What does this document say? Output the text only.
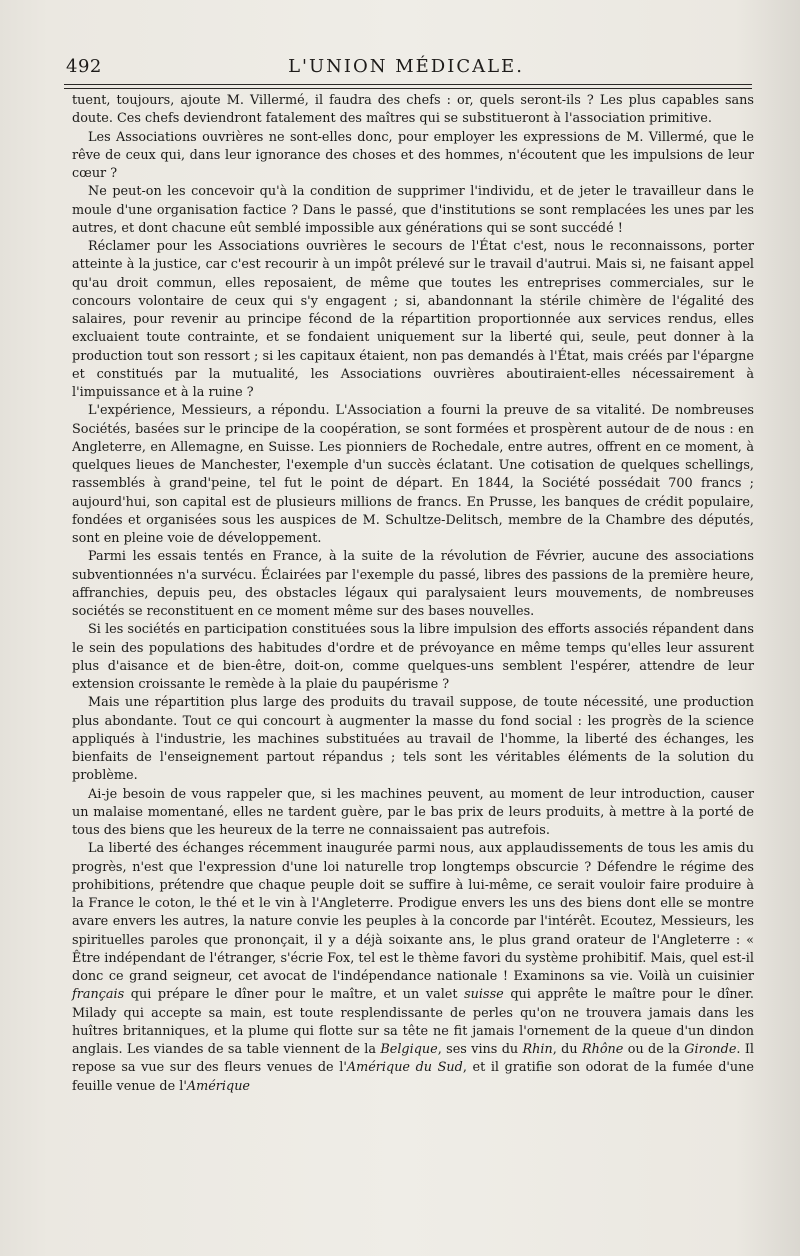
492	L'UNION MÉDICALE.

tuent, toujours, ajoute M. Villermé, il faudra des chefs : or, quels seront-ils ? Les plus capables sans doute. Ces chefs deviendront fatalement des maîtres qui se substitueront à l'association primitive.

Les Associations ouvrières ne sont-elles donc, pour employer les expressions de M. Villermé, que le rêve de ceux qui, dans leur ignorance des choses et des hommes, n'écoutent que les impulsions de leur cœur ?

Ne peut-on les concevoir qu'à la condition de supprimer l'individu, et de jeter le travailleur dans le moule d'une organisation factice ? Dans le passé, que d'institutions se sont remplacées les unes par les autres, et dont chacune eût semblé impossible aux générations qui se sont succédé !

Réclamer pour les Associations ouvrières le secours de l'État c'est, nous le reconnaissons, porter atteinte à la justice, car c'est recourir à un impôt prélevé sur le travail d'autrui. Mais si, ne faisant appel qu'au droit commun, elles reposaient, de même que toutes les entreprises commerciales, sur le concours volontaire de ceux qui s'y engagent ; si, abandonnant la stérile chimère de l'égalité des salaires, pour revenir au principe fécond de la répartition proportionnée aux services rendus, elles excluaient toute contrainte, et se fondaient uniquement sur la liberté qui, seule, peut donner à la production tout son ressort ; si les capitaux étaient, non pas demandés à l'État, mais créés par l'épargne et constitués par la mutualité, les Associations ouvrières aboutiraient-elles nécessairement à l'impuissance et à la ruine ?

L'expérience, Messieurs, a répondu. L'Association a fourni la preuve de sa vitalité. De nombreuses Sociétés, basées sur le principe de la coopération, se sont formées et prospèrent autour de de nous : en Angleterre, en Allemagne, en Suisse. Les pionniers de Rochedale, entre autres, offrent en ce moment, à quelques lieues de Manchester, l'exemple d'un succès éclatant. Une cotisation de quelques schellings, rassemblés à grand'peine, tel fut le point de départ. En 1844, la Société possédait 700 francs ; aujourd'hui, son capital est de plusieurs millions de francs. En Prusse, les banques de crédit populaire, fondées et organisées sous les auspices de M. Schultze-Delitsch, membre de la Chambre des députés, sont en pleine voie de développement.

Parmi les essais tentés en France, à la suite de la révolution de Février, aucune des associations subventionnées n'a survécu. Éclairées par l'exemple du passé, libres des passions de la première heure, affranchies, depuis peu, des obstacles légaux qui paralysaient leurs mouvements, de nombreuses sociétés se reconstituent en ce moment même sur des bases nouvelles.

Si les sociétés en participation constituées sous la libre impulsion des efforts associés répandent dans le sein des populations des habitudes d'ordre et de prévoyance en même temps qu'elles leur assurent plus d'aisance et de bien-être, doit-on, comme quelques-uns semblent l'espérer, attendre de leur extension croissante le remède à la plaie du paupérisme ?

Mais une répartition plus large des produits du travail suppose, de toute nécessité, une production plus abondante. Tout ce qui concourt à augmenter la masse du fond social : les progrès de la science appliqués à l'industrie, les machines substituées au travail de l'homme, la liberté des échanges, les bienfaits de l'enseignement partout répandus ; tels sont les véritables éléments de la solution du problème.

Ai-je besoin de vous rappeler que, si les machines peuvent, au moment de leur introduction, causer un malaise momentané, elles ne tardent guère, par le bas prix de leurs produits, à mettre à la porté de tous des biens que les heureux de la terre ne connaissaient pas autrefois.

La liberté des échanges récemment inaugurée parmi nous, aux applaudissements de tous les amis du progrès, n'est que l'expression d'une loi naturelle trop longtemps obscurcie ? Défendre le régime des prohibitions, prétendre que chaque peuple doit se suffire à lui-même, ce serait vouloir faire produire à la France le coton, le thé et le vin à l'Angleterre. Prodigue envers les uns des biens dont elle se montre avare envers les autres, la nature convie les peuples à la concorde par l'intérêt. Ecoutez, Messieurs, les spirituelles paroles que prononçait, il y a déjà soixante ans, le plus grand orateur de l'Angleterre : « Être indépendant de l'étranger, s'écrie Fox, tel est le thème favori du système prohibitif. Mais, quel est-il donc ce grand seigneur, cet avocat de l'indépendance nationale ! Examinons sa vie. Voilà un cuisinier français qui prépare le dîner pour le maître, et un valet suisse qui apprête le maître pour le dîner. Milady qui accepte sa main, est toute resplendissante de perles qu'on ne trouvera jamais dans les huîtres britanniques, et la plume qui flotte sur sa tête ne fit jamais l'ornement de la queue d'un dindon anglais. Les viandes de sa table viennent de la Belgique, ses vins du Rhin, du Rhône ou de la Gironde. Il repose sa vue sur des fleurs venues de l'Amérique du Sud, et il gratifie son odorat de la fumée d'une feuille venue de l'Amérique
